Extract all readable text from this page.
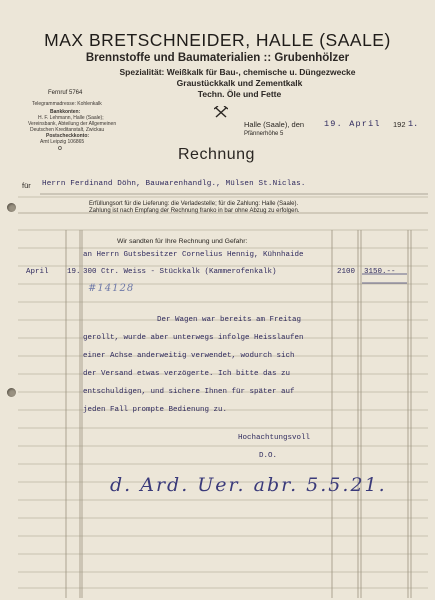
MAX BRETSCHNEIDER, HALLE (SAALE)
Brennstoffe und Baumaterialien :: Grubenhölzer
Spezialität: Weißkalk für Bau-, chemische u. Düngezwecke
Graustückkalk und Zementkalk
Techn. Öle und Fette
Fernruf 5764
Telegrammadresse: Kohlenkalk
Bankkonten:
H. F. Lehmann, Halle (Saale);
Vereinsbank, Abteilung der Allgemeinen
Deutschen Kreditanstalt, Zwickau
Postscheckkonto:
Amt Leipzig 106865
o
Halle (Saale), den 19. April 192 1.
Pfännerhöhe 5
Rechnung
für Herrn Ferdinand Döhn, Bauwarenhandlg., Mülsen St.Niclas.
Erfüllungsort für die Lieferung: die Verladestelle; für die Zahlung: Halle (Saale).
Zahlung ist nach Empfang der Rechnung franko in bar ohne Abzug zu erfolgen.
Wir sandten für Ihre Rechnung und Gefahr:
an Herrn Gutsbesitzer Cornelius Hennig, Kühnhaide
April 19. 300 Ctr. Weiss - Stückkalk (Kammerofenkalk)	2100 3150.--
#14128
Der Wagen war bereits am Freitag
gerollt, wurde aber unterwegs infolge Heisslaufen
einer Achse anderweitig verwendet, wodurch sich
der Versand etwas verzögerte. Ich bitte das zu
entschuldigen, und sichere Ihnen für später auf
jeden Fall prompte Bedienung zu.
Hochachtungsvoll
D.O.
d. Ard. Uer. abr. 5.5.21.
